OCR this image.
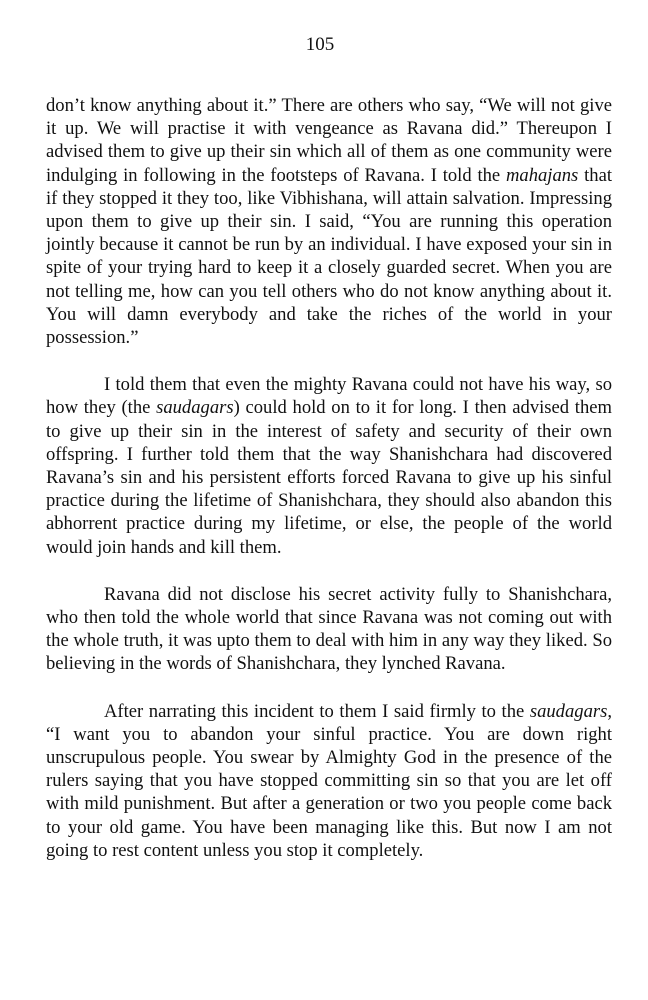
105

don’t know anything about it.” There are others who say, “We will not give it up. We will practise it with vengeance as Ravana did.” Thereupon I advised them to give up their sin which all of them as one community were indulging in following in the footsteps of Ravana. I told the mahajans that if they stopped it they too, like Vibhishana, will attain salvation. Impressing upon them to give up their sin. I said, “You are running this operation jointly because it cannot be run by an individual. I have exposed your sin in spite of your trying hard to keep it a closely guarded secret. When you are not telling me, how can you tell others who do not know anything about it. You will damn everybody and take the riches of the world in your possession.”

I told them that even the mighty Ravana could not have his way, so how they (the saudagars) could hold on to it for long. I then advised them to give up their sin in the interest of safety and security of their own offspring. I further told them that the way Shanishchara had discovered Ravana’s sin and his persistent efforts forced Ravana to give up his sinful practice during the lifetime of Shanishchara, they should also abandon this abhorrent practice during my lifetime, or else, the people of the world would join hands and kill them.

Ravana did not disclose his secret activity fully to Shanishchara, who then told the whole world that since Ravana was not coming out with the whole truth, it was upto them to deal with him in any way they liked. So believing in the words of Shanishchara, they lynched Ravana.

After narrating this incident to them I said firmly to the saudagars, “I want you to abandon your sinful practice. You are down right unscrupulous people. You swear by Almighty God in the presence of the rulers saying that you have stopped committing sin so that you are let off with mild punishment. But after a generation or two you people come back to your old game. You have been managing like this. But now I am not going to rest content unless you stop it completely.
